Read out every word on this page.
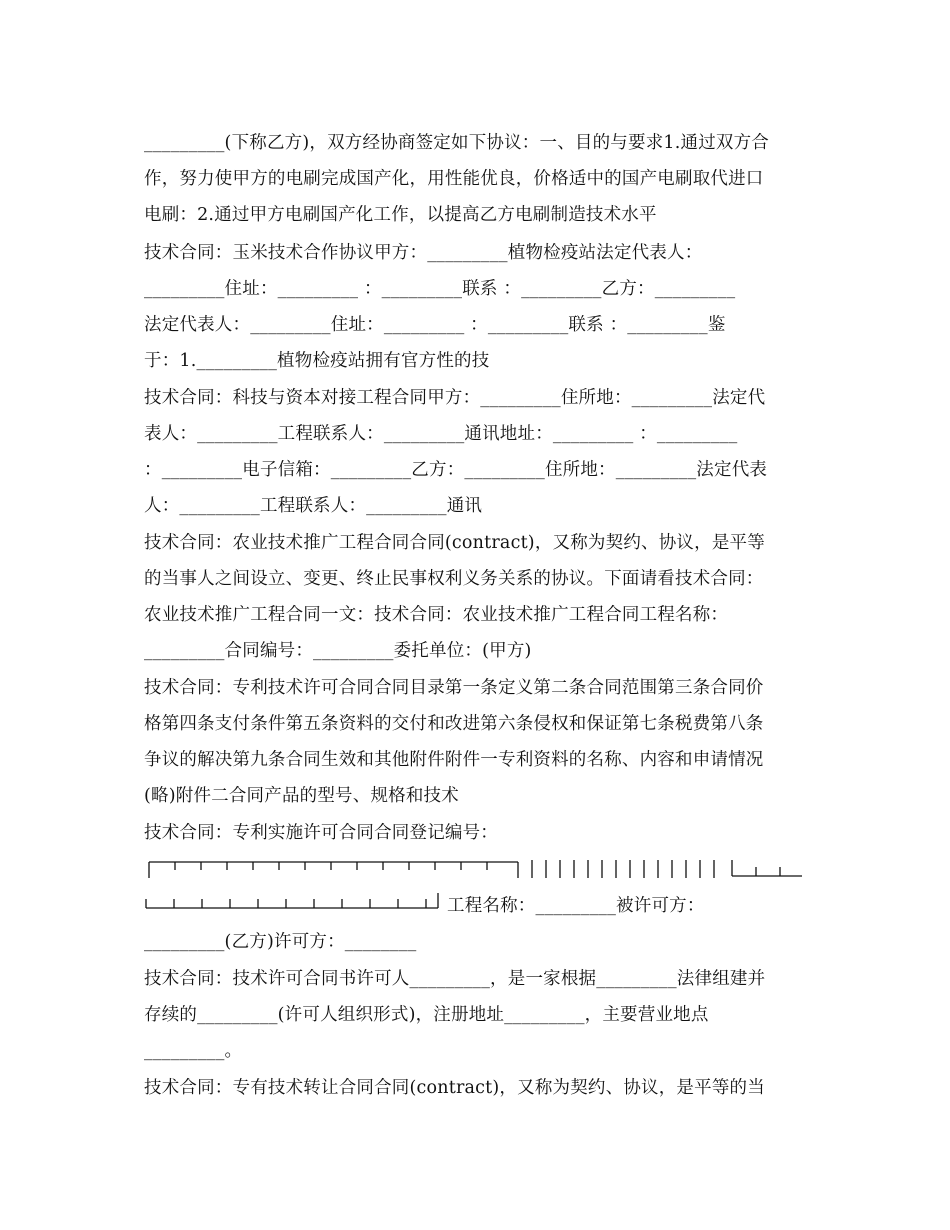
_________(下称乙方)，双方经协商签定如下协议：一、目的与要求1.通过双方合
作，努力使甲方的电刷完成国产化，用性能优良，价格适中的国产电刷取代进口
电刷：2.通过甲方电刷国产化工作，以提高乙方电刷制造技术水平
技术合同：玉米技术合作协议甲方：_________植物检疫站法定代表人：
_________住址：_________ ：_________联系 ：_________乙方：_________
法定代表人：_________住址：_________ ：_________联系 ：_________鉴
于：1._________植物检疫站拥有官方性的技
技术合同：科技与资本对接工程合同甲方：_________住所地：_________法定代
表人：_________工程联系人：_________通讯地址：_________ ：_________
：_________电子信箱：_________乙方：_________住所地：_________法定代表
人：_________工程联系人：_________通讯
技术合同：农业技术推广工程合同合同(contract)，又称为契约、协议，是平等
的当事人之间设立、变更、终止民事权利义务关系的协议。下面请看技术合同：
农业技术推广工程合同一文：技术合同：农业技术推广工程合同工程名称：
_________合同编号：_________委托单位：(甲方)
技术合同：专利技术许可合同合同目录第一条定义第二条合同范围第三条合同价
格第四条支付条件第五条资料的交付和改进第六条侵权和保证第七条税费第八条
争议的解决第九条合同生效和其他附件附件一专利资料的名称、内容和申请情况
(略)附件二合同产品的型号、规格和技术
技术合同：专利实施许可合同合同登记编号：
工程名称：_________被许可方：
_________(乙方)许可方：________
技术合同：技术许可合同书许可人_________，是一家根据_________法律组建并
存续的_________(许可人组织形式)，注册地址_________，主要营业地点
_________。
技术合同：专有技术转让合同合同(contract)，又称为契约、协议，是平等的当
